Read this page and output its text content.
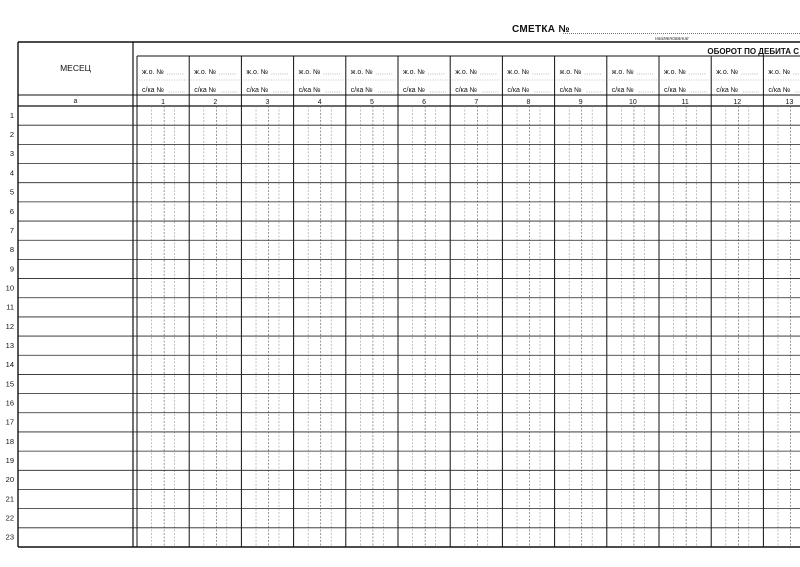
СМЕТКА №
наименование
МЕСЕЦ
ОБОРОТ ПО ДЕБИТА С
а
ж.о. №
с/ка №
1
ж.о. №
с/ка №
2
ж.о. №
с/ка №
3
ж.о. №
с/ка №
4
ж.о. №
с/ка №
5
ж.о. №
с/ка №
6
ж.о. №
с/ка №
7
ж.о. №
с/ка №
8
ж.о. №
с/ка №
9
ж.о. №
с/ка №
10
ж.о. №
с/ка №
11
ж.о. №
с/ка №
12
ж.о. №
с/ка №
13
1
2
3
4
5
6
7
8
9
10
11
12
13
14
15
16
17
18
19
20
21
22
23
